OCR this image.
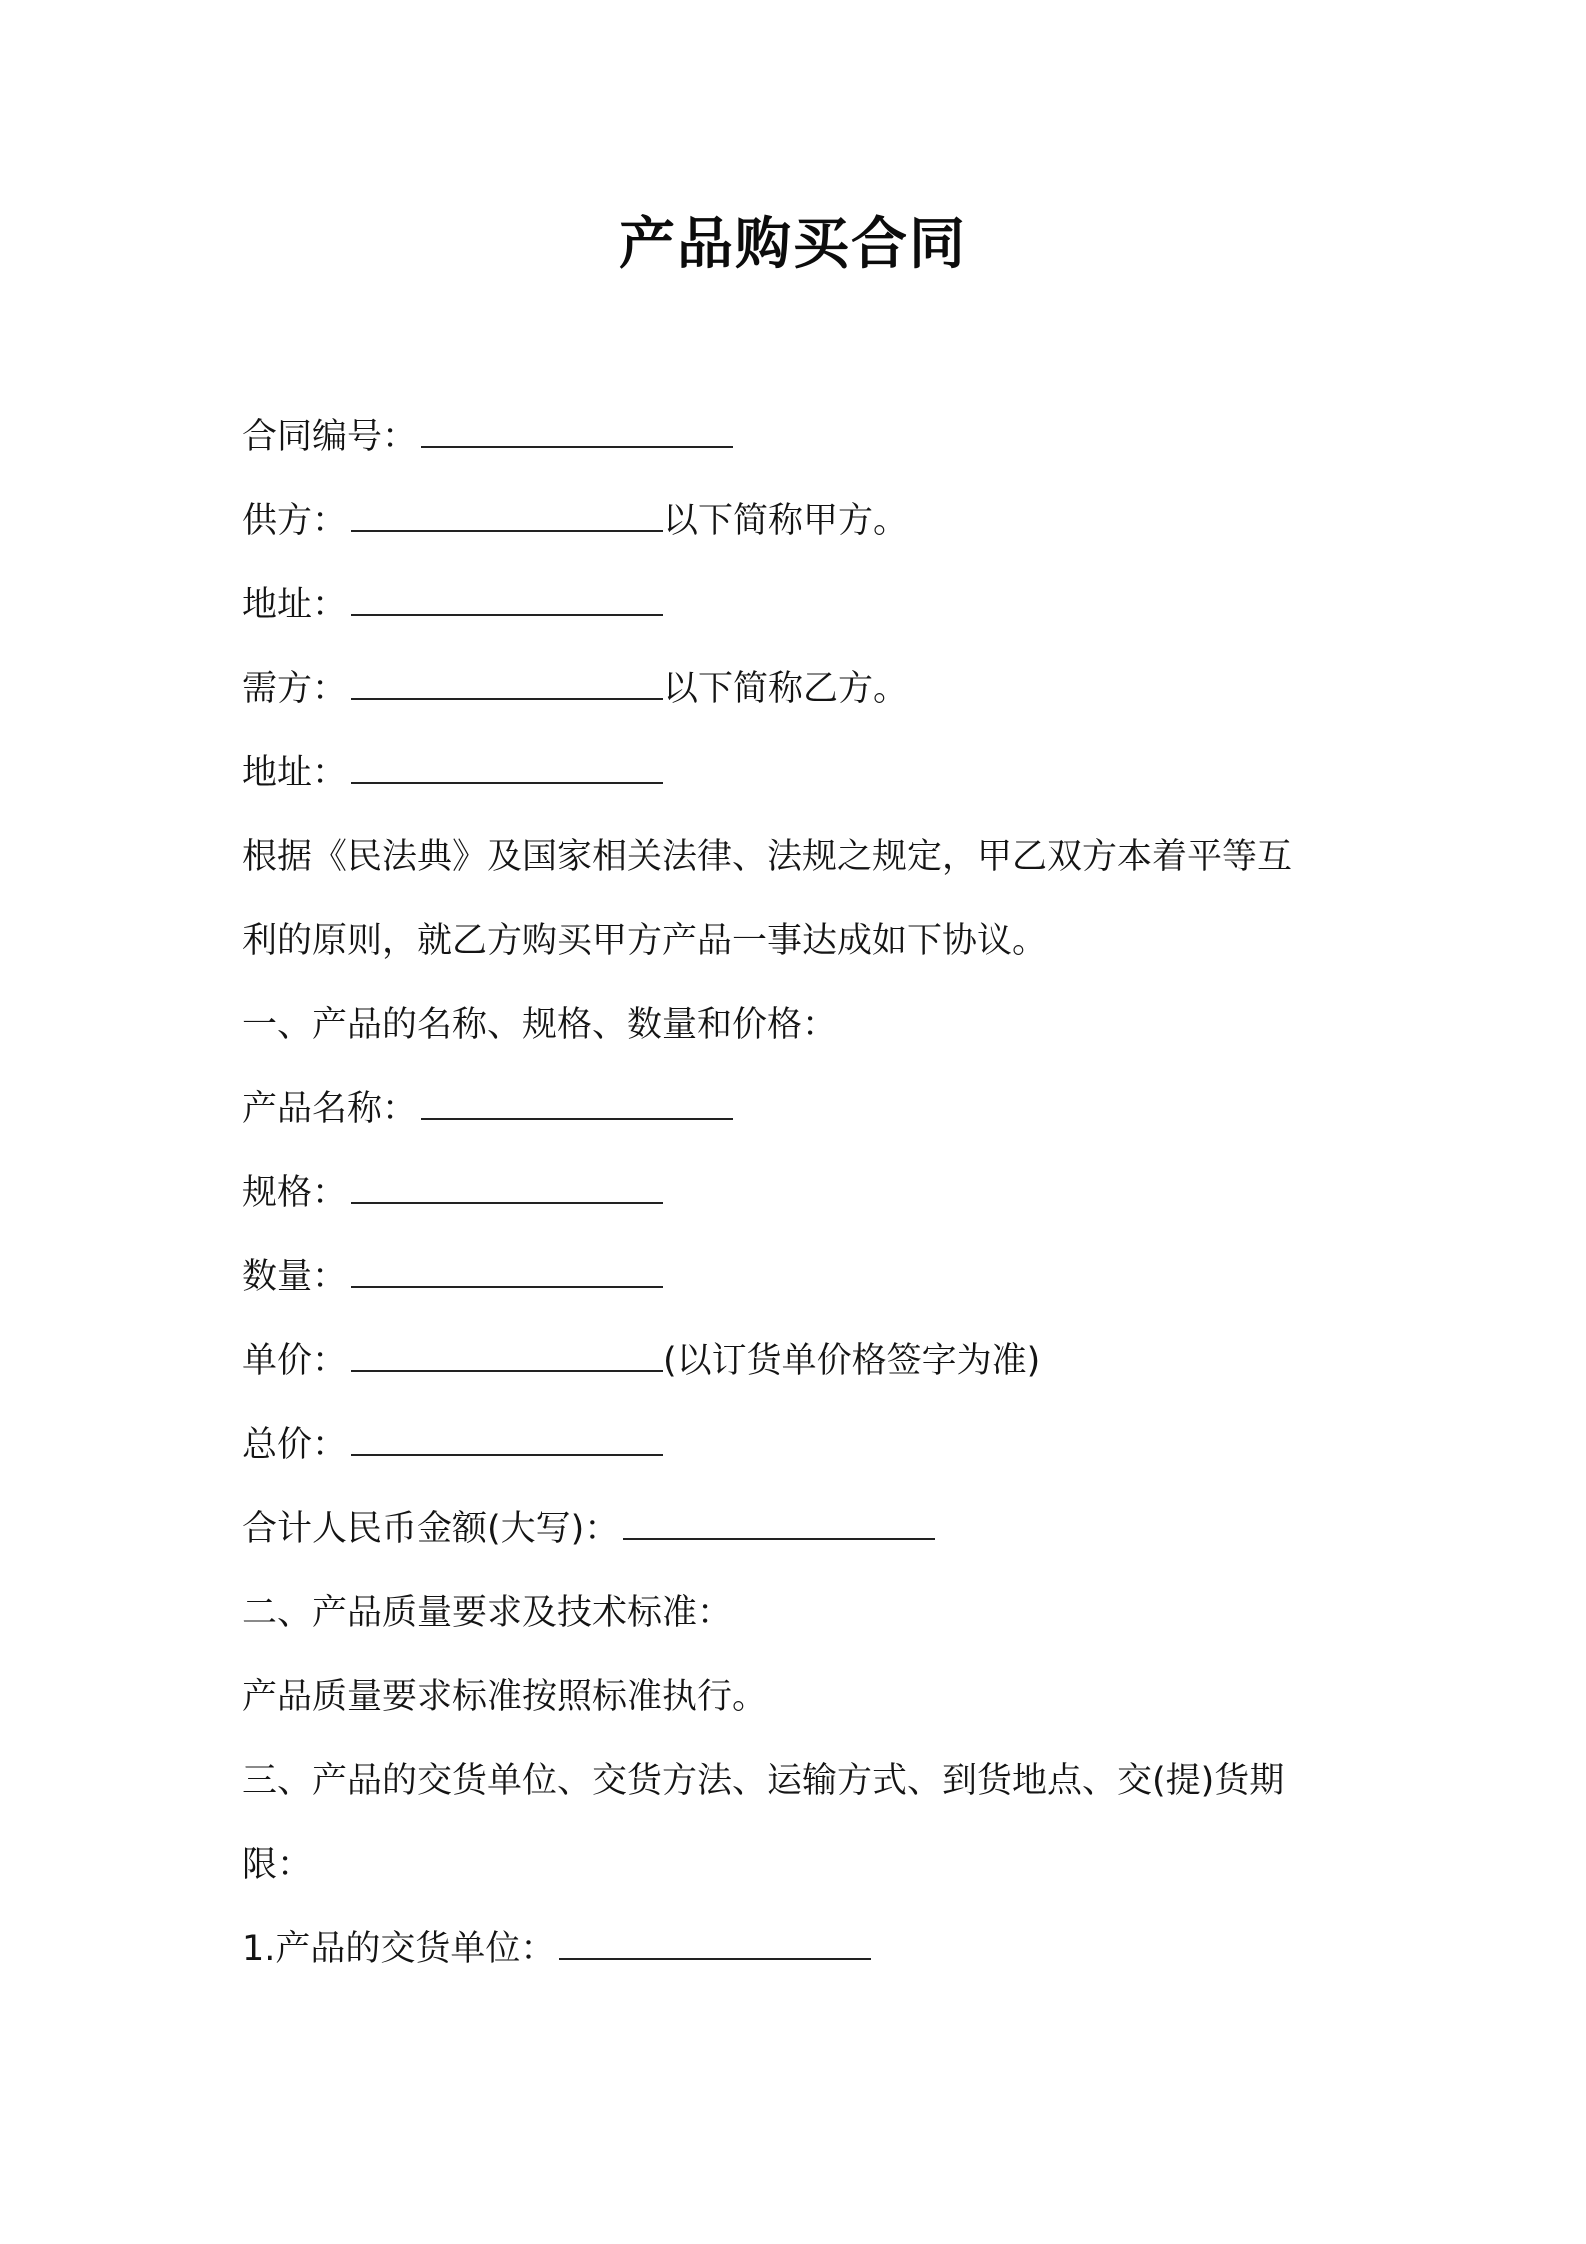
产品购买合同
合同编号：
供方：	以下简称甲方。
地址：
需方：	以下简称乙方。
地址：
根据《民法典》及国家相关法律、法规之规定，甲乙双方本着平等互
利的原则，就乙方购买甲方产品一事达成如下协议。
一、产品的名称、规格、数量和价格：
产品名称：
规格：
数量：
单价：	(以订货单价格签字为准)
总价：
合计人民币金额(大写)：
二、产品质量要求及技术标准：
产品质量要求标准按照标准执行。
三、产品的交货单位、交货方法、运输方式、到货地点、交(提)货期
限：
1.产品的交货单位：
